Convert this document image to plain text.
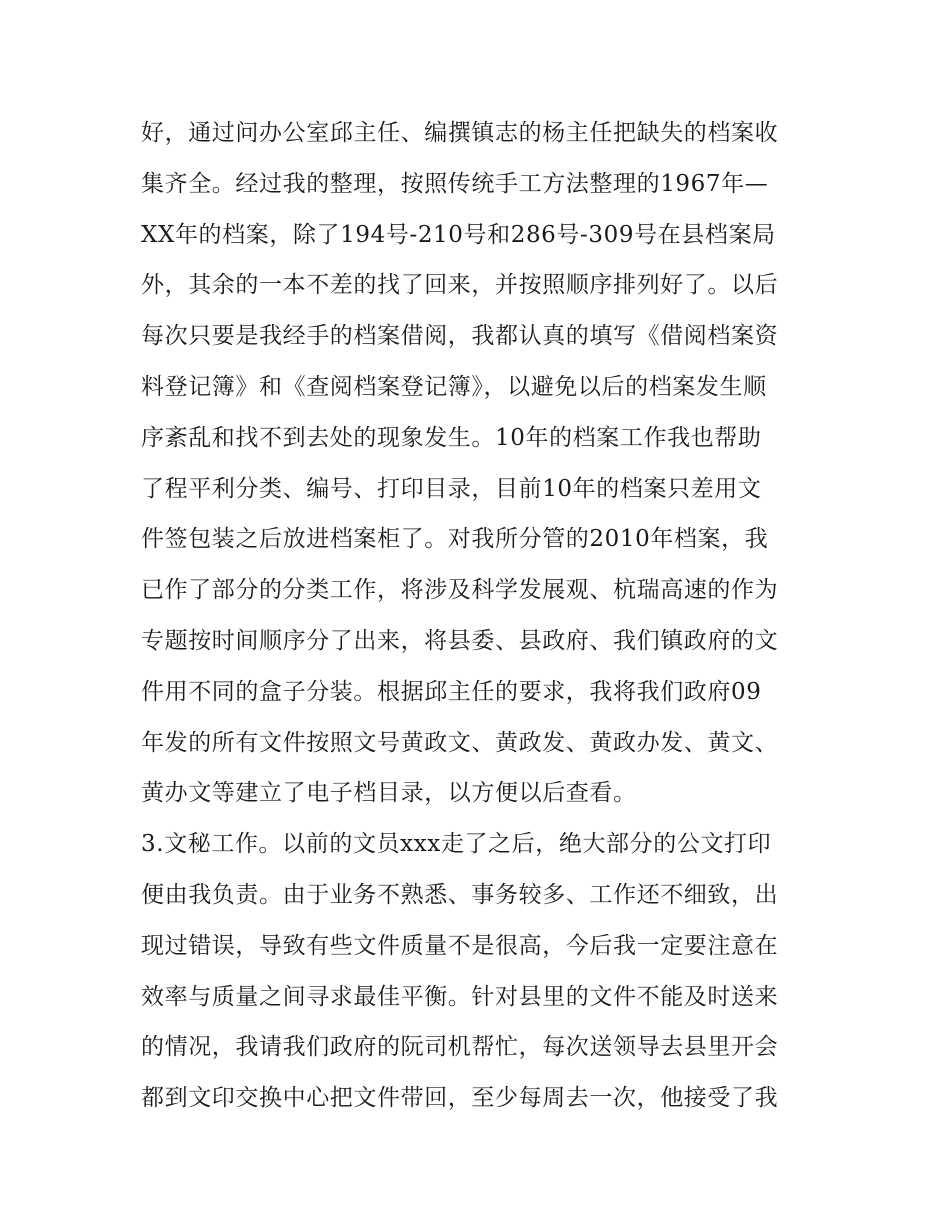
好，通过问办公室邱主任、编撰镇志的杨主任把缺失的档案收
集齐全。经过我的整理，按照传统手工方法整理的1967年—
XX年的档案，除了194号-210号和286号-309号在县档案局
外，其余的一本不差的找了回来，并按照顺序排列好了。以后
每次只要是我经手的档案借阅，我都认真的填写《借阅档案资
料登记簿》和《查阅档案登记簿》，以避免以后的档案发生顺
序紊乱和找不到去处的现象发生。10年的档案工作我也帮助
了程平利分类、编号、打印目录，目前10年的档案只差用文
件签包装之后放进档案柜了。对我所分管的2010年档案，我
已作了部分的分类工作，将涉及科学发展观、杭瑞高速的作为
专题按时间顺序分了出来，将县委、县政府、我们镇政府的文
件用不同的盒子分装。根据邱主任的要求，我将我们政府09
年发的所有文件按照文号黄政文、黄政发、黄政办发、黄文、
黄办文等建立了电子档目录，以方便以后查看。
3.文秘工作。以前的文员xxx走了之后，绝大部分的公文打印
便由我负责。由于业务不熟悉、事务较多、工作还不细致，出
现过错误，导致有些文件质量不是很高，今后我一定要注意在
效率与质量之间寻求最佳平衡。针对县里的文件不能及时送来
的情况，我请我们政府的阮司机帮忙，每次送领导去县里开会
都到文印交换中心把文件带回，至少每周去一次，他接受了我
